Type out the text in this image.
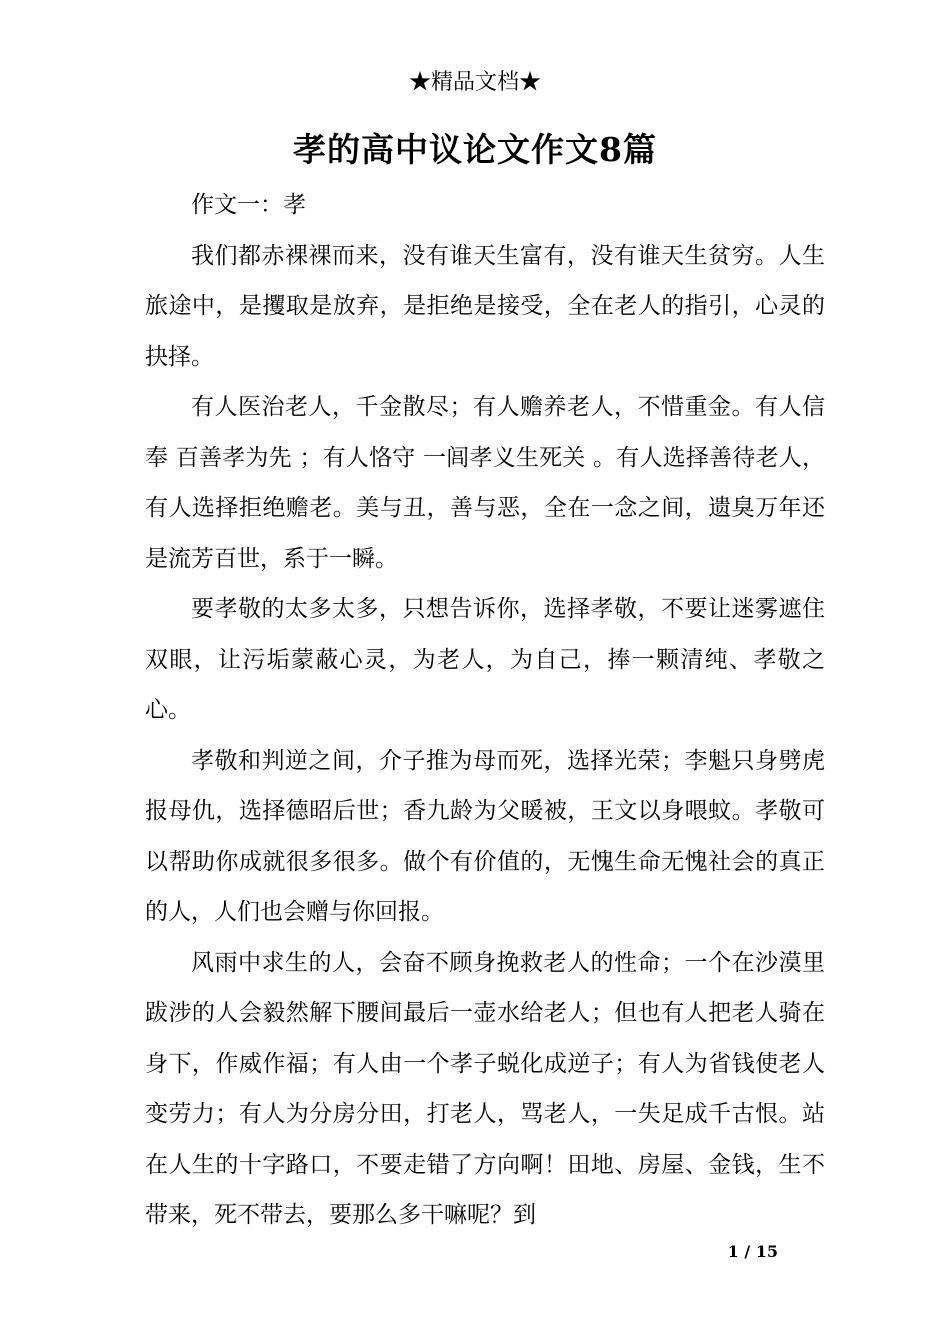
★精品文档★
孝的高中议论文作文8篇

作文一：孝

我们都赤裸裸而来，没有谁天生富有，没有谁天生贫穷。人生旅途中，是攫取是放弃，是拒绝是接受，全在老人的指引，心灵的抉择。

有人医治老人，千金散尽；有人赡养老人，不惜重金。有人信奉 百善孝为先 ；有人恪守 一闾孝义生死关 。有人选择善待老人，有人选择拒绝赡老。美与丑，善与恶，全在一念之间，遗臭万年还是流芳百世，系于一瞬。

要孝敬的太多太多，只想告诉你，选择孝敬，不要让迷雾遮住双眼，让污垢蒙蔽心灵，为老人，为自己，捧一颗清纯、孝敬之心。

孝敬和判逆之间，介子推为母而死，选择光荣；李魁只身劈虎报母仇，选择德昭后世；香九龄为父暖被，王文以身喂蚊。孝敬可以帮助你成就很多很多。做个有价值的，无愧生命无愧社会的真正的人，人们也会赠与你回报。

风雨中求生的人，会奋不顾身挽救老人的性命；一个在沙漠里跋涉的人会毅然解下腰间最后一壶水给老人；但也有人把老人骑在身下，作威作福；有人由一个孝子蜕化成逆子；有人为省钱使老人变劳力；有人为分房分田，打老人，骂老人，一失足成千古恨。站在人生的十字路口，不要走错了方向啊！田地、房屋、金钱，生不带来，死不带去，要那么多干嘛呢？到

1 / 15
